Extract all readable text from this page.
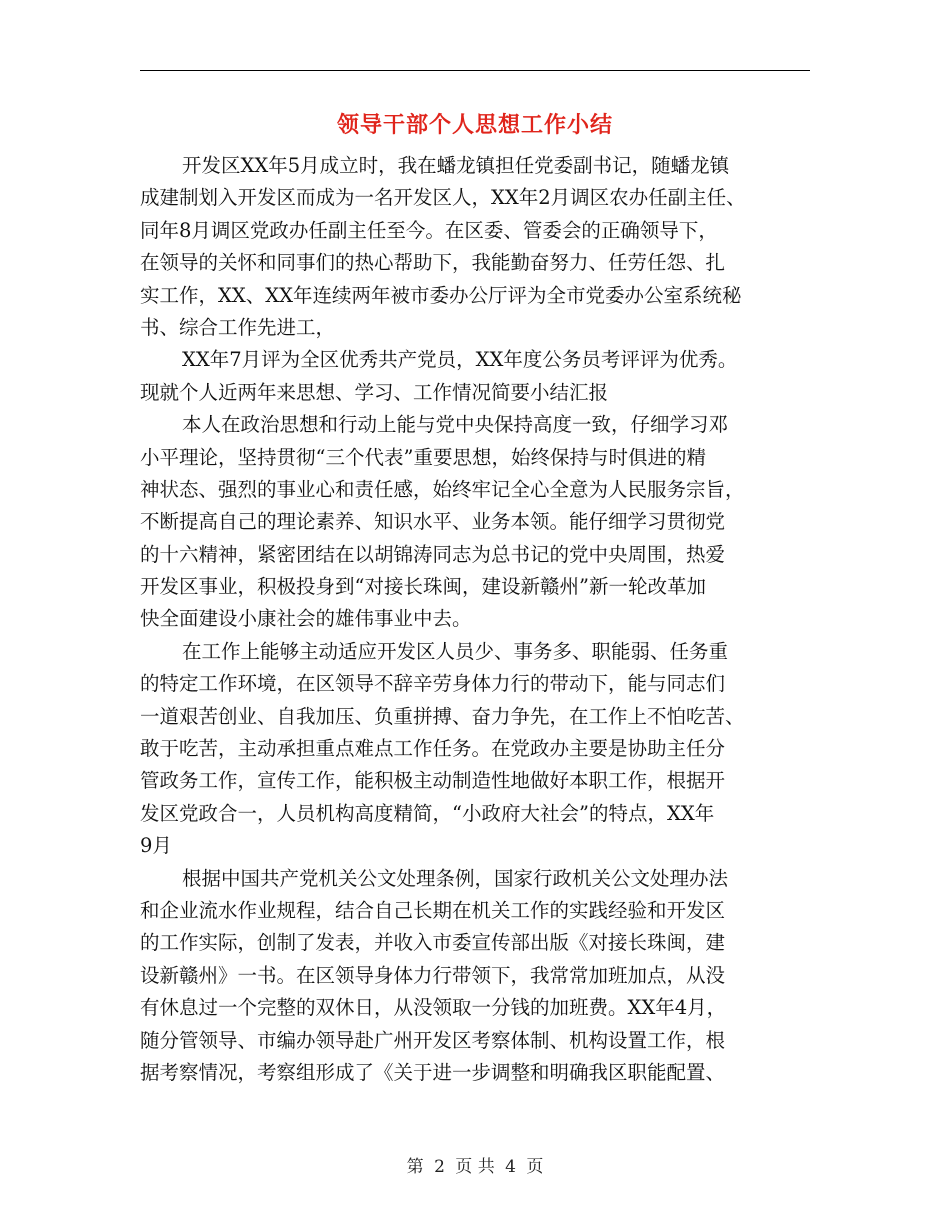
领导干部个人思想工作小结
开发区XX年5月成立时，我在蟠龙镇担任党委副书记，随蟠龙镇
成建制划入开发区而成为一名开发区人，XX年2月调区农办任副主任、
同年8月调区党政办任副主任至今。在区委、管委会的正确领导下，
在领导的关怀和同事们的热心帮助下，我能勤奋努力、任劳任怨、扎
实工作，XX、XX年连续两年被市委办公厅评为全市党委办公室系统秘
书、综合工作先进工，
XX年7月评为全区优秀共产党员，XX年度公务员考评评为优秀。
现就个人近两年来思想、学习、工作情况简要小结汇报
本人在政治思想和行动上能与党中央保持高度一致，仔细学习邓
小平理论，坚持贯彻“三个代表”重要思想，始终保持与时俱进的精
神状态、强烈的事业心和责任感，始终牢记全心全意为人民服务宗旨，
不断提高自己的理论素养、知识水平、业务本领。能仔细学习贯彻党
的十六精神，紧密团结在以胡锦涛同志为总书记的党中央周围，热爱
开发区事业，积极投身到“对接长珠闽，建设新赣州”新一轮改革加
快全面建设小康社会的雄伟事业中去。
在工作上能够主动适应开发区人员少、事务多、职能弱、任务重
的特定工作环境，在区领导不辞辛劳身体力行的带动下，能与同志们
一道艰苦创业、自我加压、负重拼搏、奋力争先，在工作上不怕吃苦、
敢于吃苦，主动承担重点难点工作任务。在党政办主要是协助主任分
管政务工作，宣传工作，能积极主动制造性地做好本职工作，根据开
发区党政合一，人员机构高度精简，“小政府大社会”的特点，XX年
9月
根据中国共产党机关公文处理条例，国家行政机关公文处理办法
和企业流水作业规程，结合自己长期在机关工作的实践经验和开发区
的工作实际，创制了发表，并收入市委宣传部出版《对接长珠闽，建
设新赣州》一书。在区领导身体力行带领下，我常常加班加点，从没
有休息过一个完整的双休日，从没领取一分钱的加班费。XX年4月，
随分管领导、市编办领导赴广州开发区考察体制、机构设置工作，根
据考察情况，考察组形成了《关于进一步调整和明确我区职能配置、
第 2 页 共 4 页
